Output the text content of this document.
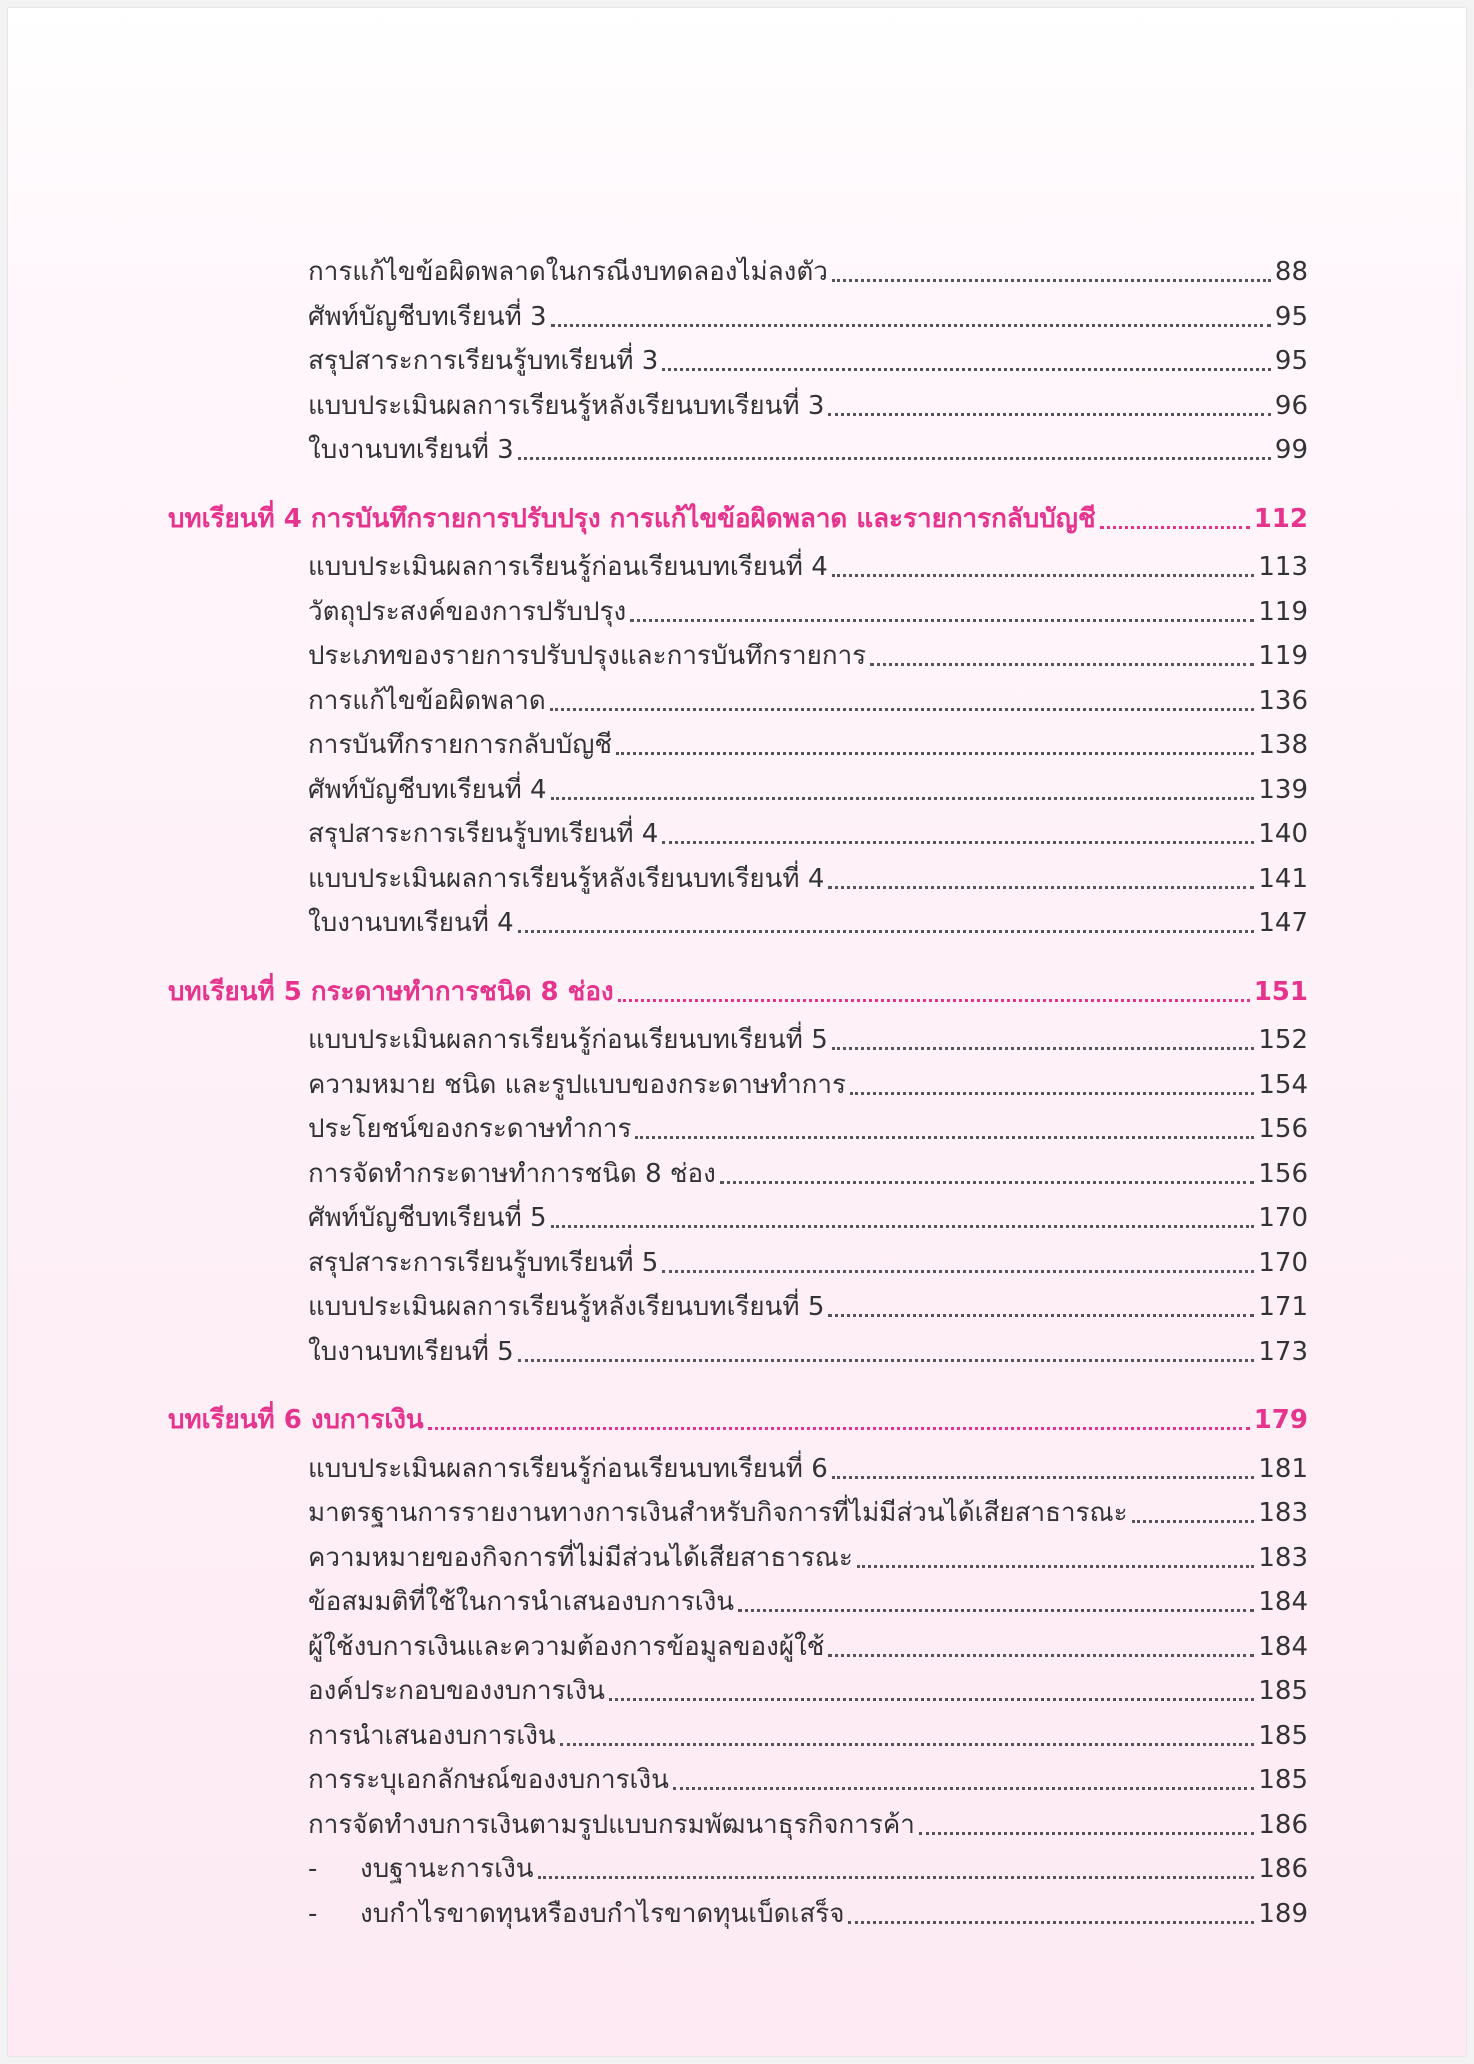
การแก้ไขข้อผิดพลาดในกรณีงบทดลองไม่ลงตัว	88
ศัพท์บัญชีบทเรียนที่ 3	95
สรุปสาระการเรียนรู้บทเรียนที่ 3	95
แบบประเมินผลการเรียนรู้หลังเรียนบทเรียนที่ 3	96
ใบงานบทเรียนที่ 3	99
บทเรียนที่ 4 การบันทึกรายการปรับปรุง การแก้ไขข้อผิดพลาด และรายการกลับบัญชี	112
แบบประเมินผลการเรียนรู้ก่อนเรียนบทเรียนที่ 4	113
วัตถุประสงค์ของการปรับปรุง	119
ประเภทของรายการปรับปรุงและการบันทึกรายการ	119
การแก้ไขข้อผิดพลาด	136
การบันทึกรายการกลับบัญชี	138
ศัพท์บัญชีบทเรียนที่ 4	139
สรุปสาระการเรียนรู้บทเรียนที่ 4	140
แบบประเมินผลการเรียนรู้หลังเรียนบทเรียนที่ 4	141
ใบงานบทเรียนที่ 4	147
บทเรียนที่ 5 กระดาษทำการชนิด 8 ช่อง	151
แบบประเมินผลการเรียนรู้ก่อนเรียนบทเรียนที่ 5	152
ความหมาย ชนิด และรูปแบบของกระดาษทำการ	154
ประโยชน์ของกระดาษทำการ	156
การจัดทำกระดาษทำการชนิด 8 ช่อง	156
ศัพท์บัญชีบทเรียนที่ 5	170
สรุปสาระการเรียนรู้บทเรียนที่ 5	170
แบบประเมินผลการเรียนรู้หลังเรียนบทเรียนที่ 5	171
ใบงานบทเรียนที่ 5	173
บทเรียนที่ 6 งบการเงิน	179
แบบประเมินผลการเรียนรู้ก่อนเรียนบทเรียนที่ 6	181
มาตรฐานการรายงานทางการเงินสำหรับกิจการที่ไม่มีส่วนได้เสียสาธารณะ	183
ความหมายของกิจการที่ไม่มีส่วนได้เสียสาธารณะ	183
ข้อสมมติที่ใช้ในการนำเสนองบการเงิน	184
ผู้ใช้งบการเงินและความต้องการข้อมูลของผู้ใช้	184
องค์ประกอบของงบการเงิน	185
การนำเสนองบการเงิน	185
การระบุเอกลักษณ์ของงบการเงิน	185
การจัดทำงบการเงินตามรูปแบบกรมพัฒนาธุรกิจการค้า	186
-	งบฐานะการเงิน	186
-	งบกำไรขาดทุนหรืองบกำไรขาดทุนเบ็ดเสร็จ	189
